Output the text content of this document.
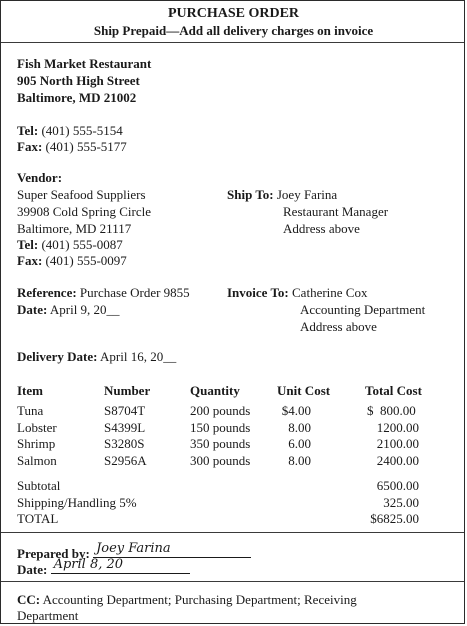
PURCHASE ORDER
Ship Prepaid—Add all delivery charges on invoice
Fish Market Restaurant
905 North High Street
Baltimore, MD 21002
Tel: (401) 555-5154
Fax: (401) 555-5177
Vendor:
Super Seafood Suppliers
39908 Cold Spring Circle
Baltimore, MD 21117
Tel: (401) 555-0087
Fax: (401) 555-0097
Ship To: Joey Farina
Restaurant Manager
Address above
Reference: Purchase Order 9855
Date: April 9, 20__
Invoice To: Catherine Cox
Accounting Department
Address above
Delivery Date: April 16, 20__
Item	Number	Quantity	Unit Cost	Total Cost
Tuna	S8704T	200 pounds	$4.00	$  800.00
Lobster	S4399L	150 pounds	8.00	1200.00
Shrimp	S3280S	350 pounds	6.00	2100.00
Salmon	S2956A	300 pounds	8.00	2400.00
Subtotal	6500.00
Shipping/Handling 5%	325.00
TOTAL	$6825.00
Prepared by: Joey Farina
Date: April 8, 20
CC: Accounting Department; Purchasing Department; Receiving
Department
